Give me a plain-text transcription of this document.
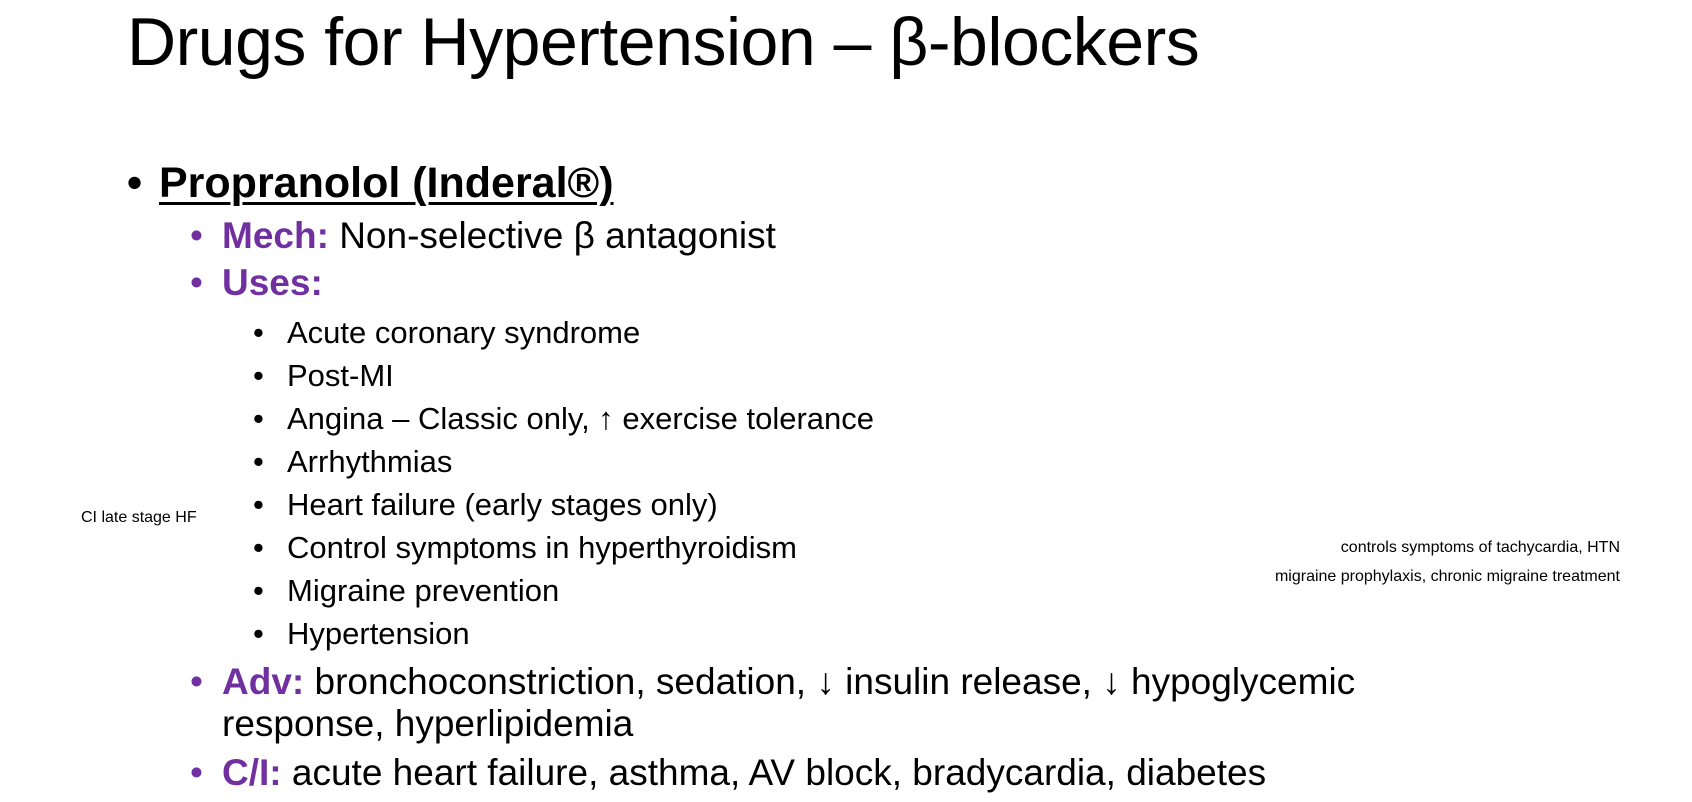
Drugs for Hypertension – β-blockers
• Propranolol (Inderal®)
• Mech: Non-selective β antagonist
• Uses:
• Acute coronary syndrome
• Post-MI
• Angina – Classic only, ↑ exercise tolerance
• Arrhythmias
• Heart failure (early stages only)
• Control symptoms in hyperthyroidism
• Migraine prevention
• Hypertension
• Adv: bronchoconstriction, sedation, ↓ insulin release, ↓ hypoglycemic
response, hyperlipidemia
• C/I: acute heart failure, asthma, AV block, bradycardia, diabetes
CI late stage HF
controls symptoms of tachycardia, HTN
migraine prophylaxis, chronic migraine treatment
